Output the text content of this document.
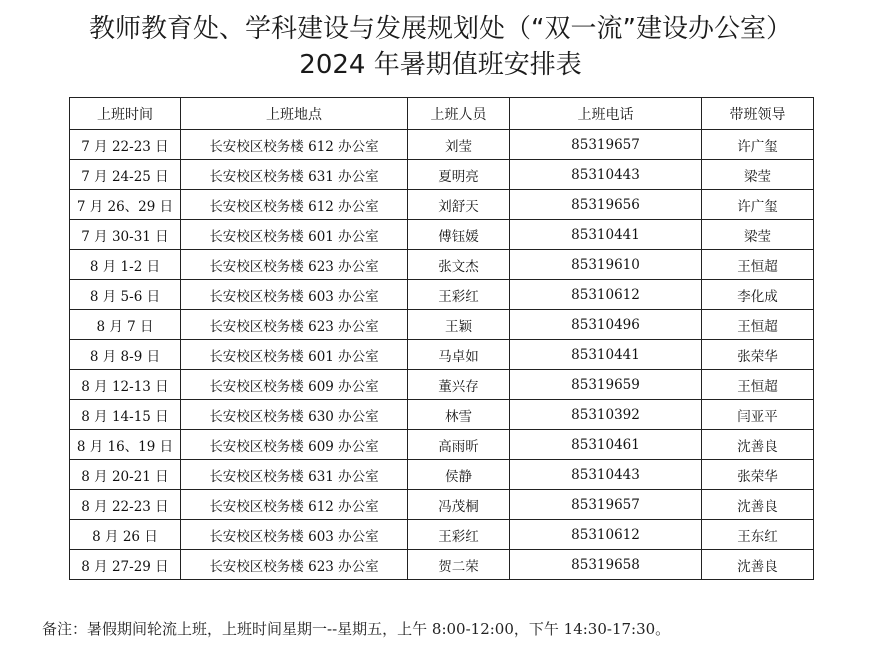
教师教育处、学科建设与发展规划处（“双一流”建设办公室）
2024 年暑期值班安排表
上班时间	上班地点	上班人员	上班电话	带班领导
7 月 22-23 日	长安校区校务楼 612 办公室	刘莹	85319657	许广玺
7 月 24-25 日	长安校区校务楼 631 办公室	夏明亮	85310443	梁莹
7 月 26、29 日	长安校区校务楼 612 办公室	刘舒天	85319656	许广玺
7 月 30-31 日	长安校区校务楼 601 办公室	傅钰媛	85310441	梁莹
8 月 1-2 日	长安校区校务楼 623 办公室	张文杰	85319610	王恒超
8 月 5-6 日	长安校区校务楼 603 办公室	王彩红	85310612	李化成
8 月 7 日	长安校区校务楼 623 办公室	王颖	85310496	王恒超
8 月 8-9 日	长安校区校务楼 601 办公室	马卓如	85310441	张荣华
8 月 12-13 日	长安校区校务楼 609 办公室	董兴存	85319659	王恒超
8 月 14-15 日	长安校区校务楼 630 办公室	林雪	85310392	闫亚平
8 月 16、19 日	长安校区校务楼 609 办公室	高雨昕	85310461	沈善良
8 月 20-21 日	长安校区校务楼 631 办公室	侯静	85310443	张荣华
8 月 22-23 日	长安校区校务楼 612 办公室	冯茂桐	85319657	沈善良
8 月 26 日	长安校区校务楼 603 办公室	王彩红	85310612	王东红
8 月 27-29 日	长安校区校务楼 623 办公室	贺二荣	85319658	沈善良
备注：暑假期间轮流上班，上班时间星期一--星期五，上午 8:00-12:00，下午 14:30-17:30。
